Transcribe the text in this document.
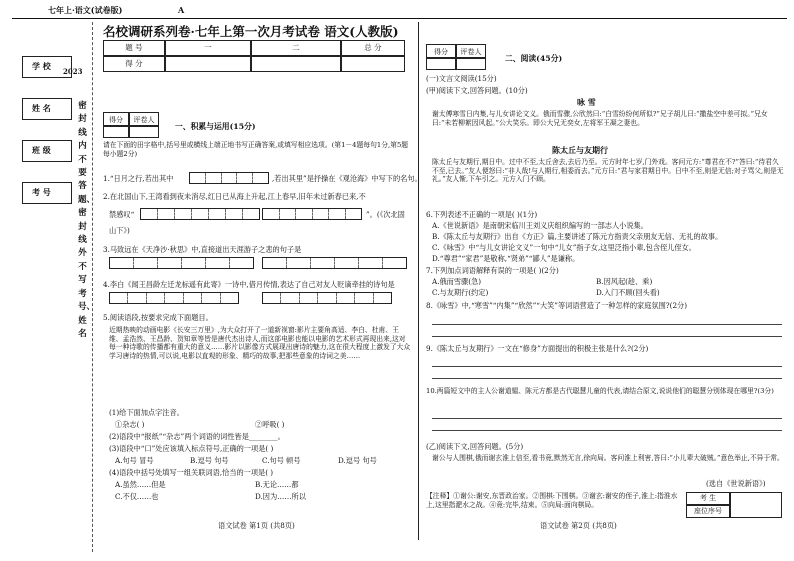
七年上·语文(试卷版)	A
学 校
姓 名
班 级
考 号
2023
密封线内不要答题、密封线外不写考号、姓名
名校调研系列卷·七年上第一次月考试卷 语文(人教版)
题 号	一	二	总 分
得 分
得分	评卷人
一、积累与运用(15分)
请在下面的田字格中,括号里或横线上端正地书写正确答案,或填写相应选项。(第1－4题每句1分,第5题每小题2分)
1.“日月之行,若出其中	,若出其里”是抒操在《观沧海》中写下的名句。
2.在北国山下,王湾看到夜未消尽,红日已从海上升起,江上春早,旧年未过新春已来,不
禁感叹“	”。(《次北固
山下》)
3.马致远在《天净沙·秋思》中,直接道出天涯游子之悲的句子是
4.李白《闻王昌龄左迁龙标遥有此寄》一诗中,借月传情,表达了自己对友人贬谪牵挂的诗句是
5.阅读语段,按要求完成下面题目。
近期热映的动画电影《长安三万里》,为大众打开了一道新视窗:影片主要角高适、李白、杜甫、王维、孟浩然、王昌龄、贺知章等皆是唐代杰出诗人,而这部电影也能以电影的艺术形式再现出来,这对每一种诗歌的传播都有重大的意义……影片以影像方式展现出唐诗的魅力,这在很大程度上激发了大众学习唐诗的热情,可以说,电影以直观的形象、精巧的故事,把那些意象的诗词之美……
(1)给下面加点字注音。
①杂志( )	②呼吸( )
(2)语段中“报纸”“杂志”两个词语的词性皆是________。
(3)语段中“口”处应该填入标点符号,正确的一项是( )
A.句号 冒号	B.逗号 句号	C.句号 顿号	D.逗号 句号
(4)语段中括号处填写一组关联词语,恰当的一项是( )
A.虽然……但是	B.无论……都
C.不仅……也	D.因为……所以
语文试卷 第1页 (共8页)
得分	评卷人
二、阅读(45分)
(一)文言文阅读(15分)
(甲)阅读下文,回答问题。(10分)
咏 雪
谢太傅寒雪日内集,与儿女讲论文义。俄而雪骤,公欣然曰:“白雪纷纷何所似?”兄子胡儿曰:“撒盐空中差可拟。”兄女曰:“未若柳絮因风起。”公大笑乐。即公大兄无奕女,左将军王凝之妻也。
陈太丘与友期行
陈太丘与友期行,期日中。过中不至,太丘舍去,去后乃至。元方时年七岁,门外戏。客问元方:“尊君在不?”答曰:“待君久不至,已去。”友人便怒曰:“非人哉!与人期行,相委而去。”元方曰:“君与家君期日中。日中不至,则是无信;对子骂父,则是无礼。”友人惭,下车引之。元方入门不顾。
6.下列表述不正确的一项是( )(1分)
A.《世说新语》是南朝宋临川王刘义庆组织编写的一部志人小说集。
B.《陈太丘与友期行》出自《方正》篇,主要讲述了陈元方指责父亲朋友无信、无礼的故事。
C.《咏雪》中“与儿女讲论文义”一句中“儿女”指子女,这里泛指小辈,包含侄儿侄女。
D.“尊君”“家君”是敬称,“贤弟”“鄙人”是谦称。
7.下列加点词语解释有误的一项是( )(2分)
A.俄而雪骤(急)	B.因风起(趁、乘)
C.与友期行(约定)	D.入门不顾(回头看)
8.《咏雪》中,“寒雪”“内集”“欣然”“大笑”等词语营造了一种怎样的家庭氛围?(2分)
9.《陈太丘与友期行》一文在“修身”方面提出的积极主张是什么?(2分)
10.两篇短文中的主人公谢道韫、陈元方都是古代聪慧儿童的代表,请结合原文,说说他们的聪慧分别体现在哪里?(3分)
(乙)阅读下文,回答问题。(5分)
谢公与人围棋,俄而谢玄淮上信至,看书竟,默然无言,徐向局。客问淮上利害,答曰:“小儿辈大破贼。”意色举止,不异于常。
(选自《世说新语》)
【注释】①谢公:谢安,东晋政治家。②围棋:下围棋。③谢玄:谢安的侄子,淮上:指淮水上,这里指淝水之战。④竟:完毕,结束。⑤向局:面向棋局。
考 生
座位序号
语文试卷 第2页 (共8页)
